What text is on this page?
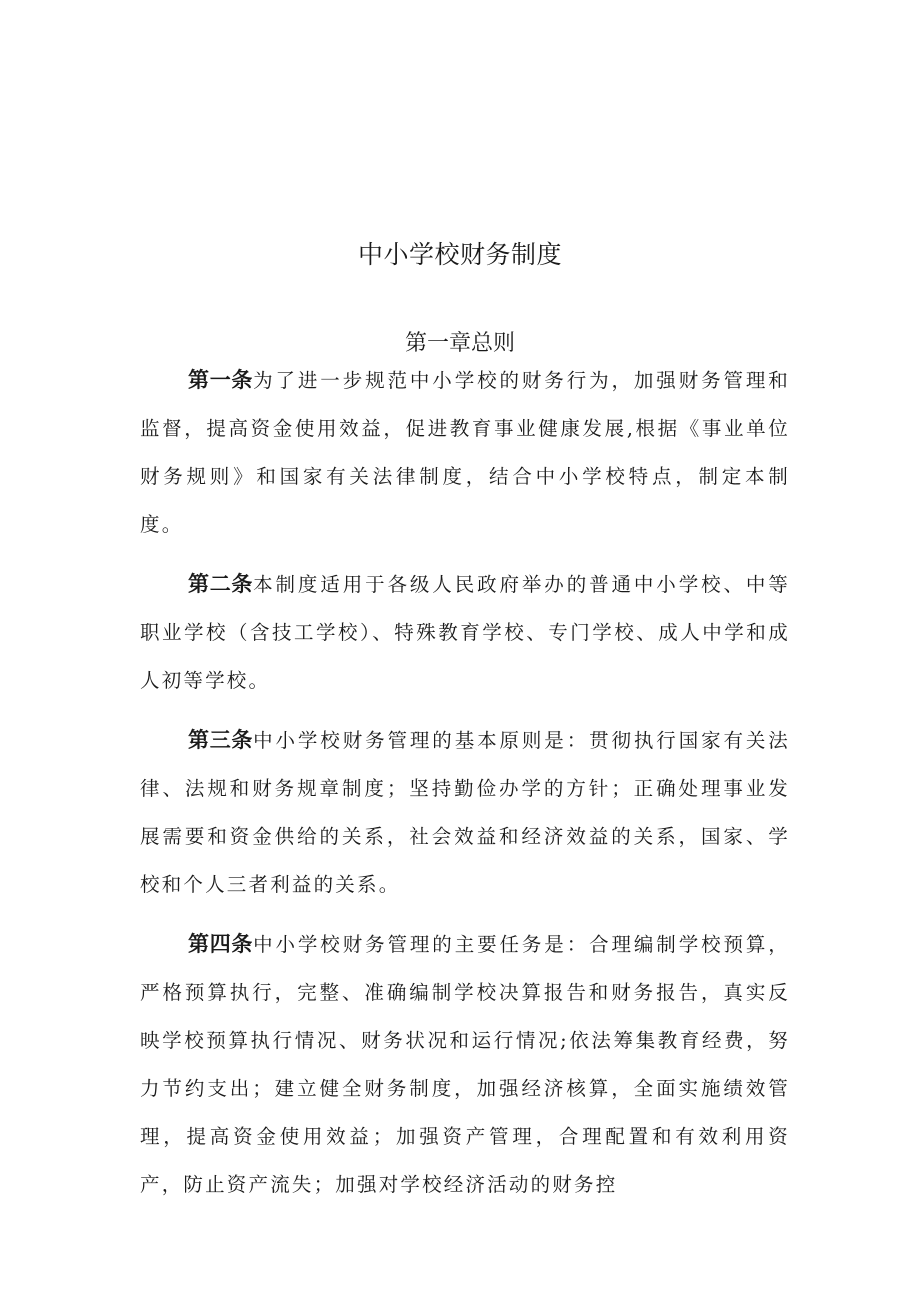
中小学校财务制度
第一章总则

第一条为了进一步规范中小学校的财务行为，加强财务管理和监督，提高资金使用效益，促进教育事业健康发展,根据《事业单位财务规则》和国家有关法律制度，结合中小学校特点，制定本制度。

第二条本制度适用于各级人民政府举办的普通中小学校、中等职业学校（含技工学校）、特殊教育学校、专门学校、成人中学和成人初等学校。

第三条中小学校财务管理的基本原则是：贯彻执行国家有关法律、法规和财务规章制度；坚持勤俭办学的方针；正确处理事业发展需要和资金供给的关系，社会效益和经济效益的关系，国家、学校和个人三者利益的关系。

第四条中小学校财务管理的主要任务是：合理编制学校预算，严格预算执行，完整、准确编制学校决算报告和财务报告，真实反映学校预算执行情况、财务状况和运行情况;依法筹集教育经费，努力节约支出；建立健全财务制度，加强经济核算，全面实施绩效管理，提高资金使用效益；加强资产管理，合理配置和有效利用资产，防止资产流失；加强对学校经济活动的财务控
